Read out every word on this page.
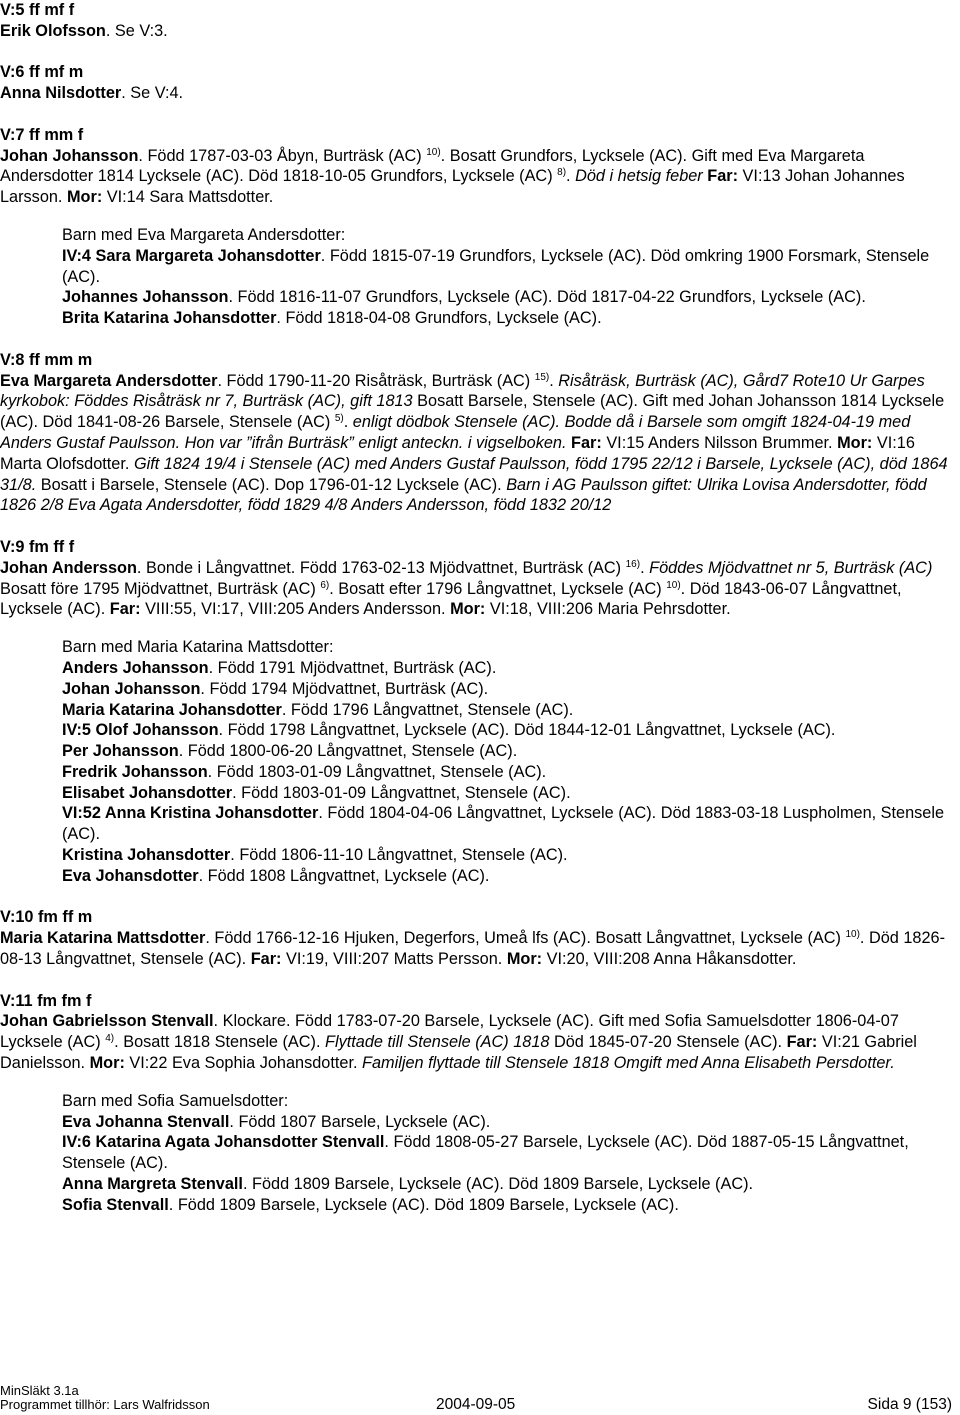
V:5 ff mf f

Erik Olofsson. Se V:3.

V:6 ff mf m

Anna Nilsdotter. Se V:4.

V:7 ff mm f

Johan Johansson. Född 1787-03-03 Åbyn, Burträsk (AC) $^{10)}$. Bosatt Grundfors, Lycksele (AC). Gift med Eva Margareta Andersdotter 1814 Lycksele (AC). Död 1818-10-05 Grundfors, Lycksele (AC) $^{8)}$. Död i hetsig feber Far: VI:13 Johan Johannes Larsson. Mor: VI:14 Sara Mattsdotter.

Barn med Eva Margareta Andersdotter:
IV:4 Sara Margareta Johansdotter. Född 1815-07-19 Grundfors, Lycksele (AC). Död omkring 1900 Forsmark, Stensele (AC).
Johannes Johansson. Född 1816-11-07 Grundfors, Lycksele (AC). Död 1817-04-22 Grundfors, Lycksele (AC).
Brita Katarina Johansdotter. Född 1818-04-08 Grundfors, Lycksele (AC).
V:8 ff mm m

Eva Margareta Andersdotter. Född 1790-11-20 Risåträsk, Burträsk (AC) $^{15)}$. Risåträsk, Burträsk (AC), Gård7 Rote10 Ur Garpes kyrkobok: Föddes Risåträsk nr 7, Burträsk (AC), gift 1813 Bosatt Barsele, Stensele (AC). Gift med Johan Johansson 1814 Lycksele (AC). Död 1841-08-26 Barsele, Stensele (AC) $^{5)}$. enligt dödbok Stensele (AC). Bodde då i Barsele som omgift 1824-04-19 med Anders Gustaf Paulsson. Hon var ”ifrån Burträsk” enligt anteckn. i vigselboken. Far: VI:15 Anders Nilsson Brummer. Mor: VI:16 Marta Olofsdotter. Gift 1824 19/4 i Stensele (AC) med Anders Gustaf Paulsson, född 1795 22/12 i Barsele, Lycksele (AC), död 1864 31/8. Bosatt i Barsele, Stensele (AC). Dop 1796-01-12 Lycksele (AC). Barn i AG Paulsson giftet: Ulrika Lovisa Andersdotter, född 1826 2/8 Eva Agata Andersdotter, född 1829 4/8 Anders Andersson, född 1832 20/12

V:9 fm ff f

Johan Andersson. Bonde i Långvattnet. Född 1763-02-13 Mjödvattnet, Burträsk (AC) $^{16)}$. Föddes Mjödvattnet nr 5, Burträsk (AC) Bosatt före 1795 Mjödvattnet, Burträsk (AC) $^{6)}$. Bosatt efter 1796 Långvattnet, Lycksele (AC) $^{10)}$. Död 1843-06-07 Långvattnet, Lycksele (AC). Far: VIII:55, VI:17, VIII:205 Anders Andersson. Mor: VI:18, VIII:206 Maria Pehrsdotter.

Barn med Maria Katarina Mattsdotter:
Anders Johansson. Född 1791 Mjödvattnet, Burträsk (AC).
Johan Johansson. Född 1794 Mjödvattnet, Burträsk (AC).
Maria Katarina Johansdotter. Född 1796 Långvattnet, Stensele (AC).
IV:5 Olof Johansson. Född 1798 Långvattnet, Lycksele (AC). Död 1844-12-01 Långvattnet, Lycksele (AC).
Per Johansson. Född 1800-06-20 Långvattnet, Stensele (AC).
Fredrik Johansson. Född 1803-01-09 Långvattnet, Stensele (AC).
Elisabet Johansdotter. Född 1803-01-09 Långvattnet, Stensele (AC).
VI:52 Anna Kristina Johansdotter. Född 1804-04-06 Långvattnet, Lycksele (AC). Död 1883-03-18 Luspholmen, Stensele (AC).
Kristina Johansdotter. Född 1806-11-10 Långvattnet, Stensele (AC).
Eva Johansdotter. Född 1808 Långvattnet, Lycksele (AC).
V:10 fm ff m

Maria Katarina Mattsdotter. Född 1766-12-16 Hjuken, Degerfors, Umeå lfs (AC). Bosatt Långvattnet, Lycksele (AC) $^{10)}$. Död 1826-08-13 Långvattnet, Stensele (AC). Far: VI:19, VIII:207 Matts Persson. Mor: VI:20, VIII:208 Anna Håkansdotter.

V:11 fm fm f

Johan Gabrielsson Stenvall. Klockare. Född 1783-07-20 Barsele, Lycksele (AC). Gift med Sofia Samuelsdotter 1806-04-07 Lycksele (AC) $^{4)}$. Bosatt 1818 Stensele (AC). Flyttade till Stensele (AC) 1818 Död 1845-07-20 Stensele (AC). Far: VI:21 Gabriel Danielsson. Mor: VI:22 Eva Sophia Johansdotter. Familjen flyttade till Stensele 1818 Omgift med Anna Elisabeth Persdotter.

Barn med Sofia Samuelsdotter:
Eva Johanna Stenvall. Född 1807 Barsele, Lycksele (AC).
IV:6 Katarina Agata Johansdotter Stenvall. Född 1808-05-27 Barsele, Lycksele (AC). Död 1887-05-15 Långvattnet, Stensele (AC).
Anna Margreta Stenvall. Född 1809 Barsele, Lycksele (AC). Död 1809 Barsele, Lycksele (AC).
Sofia Stenvall. Född 1809 Barsele, Lycksele (AC). Död 1809 Barsele, Lycksele (AC).
MinSläkt 3.1a
Programmet tillhör: Lars Walfridsson	2004-09-05	Sida 9 (153)
